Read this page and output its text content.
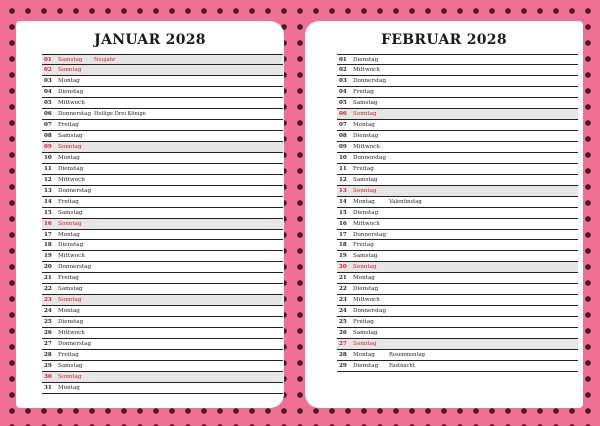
JANUAR 2028
01 Samstag Neujahr
02 Sonntag
03 Montag
04 Dienstag
05 Mittwoch
06 Donnerstag Heilige Drei Könige
07 Freitag
08 Samstag
09 Sonntag
10 Montag
11 Dienstag
12 Mittwoch
13 Donnerstag
14 Freitag
15 Samstag
16 Sonntag
17 Montag
18 Dienstag
19 Mittwoch
20 Donnerstag
21 Freitag
22 Samstag
23 Sonntag
24 Montag
25 Dienstag
26 Mittwoch
27 Donnerstag
28 Freitag
29 Samstag
30 Sonntag
31 Montag
FEBRUAR 2028
01 Dienstag
02 Mittwoch
03 Donnerstag
04 Freitag
05 Samstag
06 Sonntag
07 Montag
08 Dienstag
09 Mittwoch
10 Donnerstag
11 Freitag
12 Samstag
13 Sonntag
14 Montag	Valentinstag
15 Dienstag
16 Mittwoch
17 Donnerstag
18 Freitag
19 Samstag
20 Sonntag
21 Montag
22 Dienstag
23 Mittwoch
24 Donnerstag
25 Freitag
26 Samstag
27 Sonntag
28 Montag	Rosenmontag
29 Dienstag Fastnacht
